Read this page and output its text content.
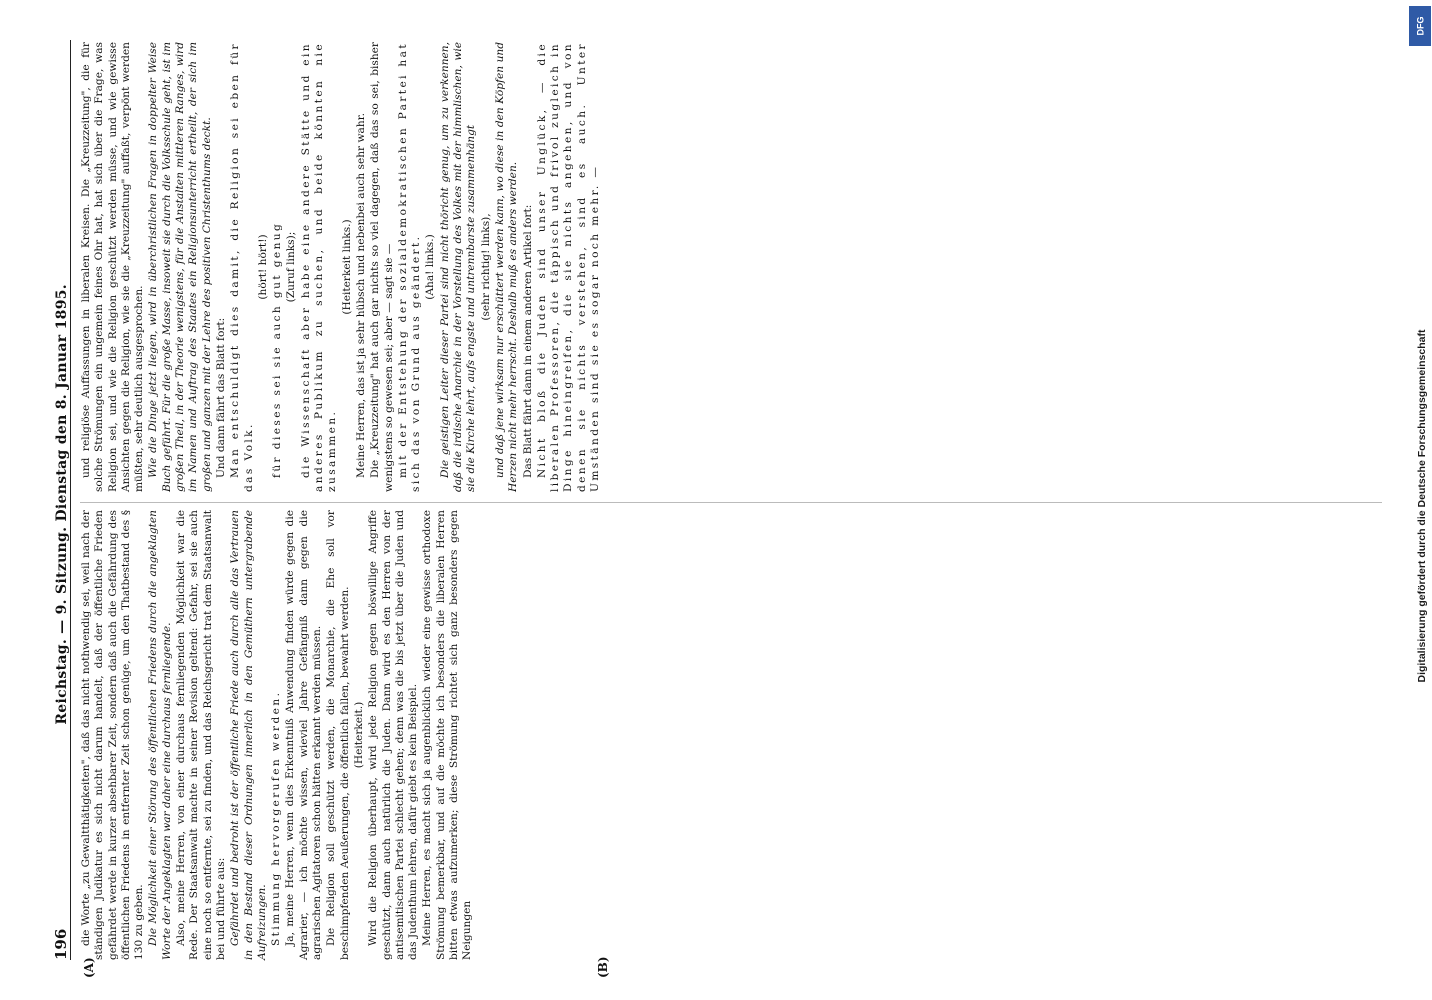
196
Reichstag. — 9. Sitzung. Dienstag den 8. Januar 1895.
(A)	(B)

die Worte „zu Gewaltthätigkeiten", daß das nicht nothwendig sei, weil nach der ständigen Judikatur es sich nicht darum handelt, daß der öffentliche Frieden gefährdet werde in kurzer absehbarer Zeit, sondern daß auch die Gefährdung des öffentlichen Friedens in entfernter Zeit schon genüge, um den Thatbestand des § 130 zu geben. Die Möglichkeit einer Störung des öffentlichen Friedens durch die angeklagten Worte der Angeklagten war daher eine durchaus fernliegende. Also, meine Herren, von einer durchaus fernliegenden Möglichkeit war die Rede. Der Staatsanwalt machte in seiner Revision geltend: Gefahr, sei sie auch eine noch so entfernte, sei zu finden, und das Reichsgericht trat dem Staatsanwalt bei und führte aus: Gefährdet und bedroht ist der öffentliche Friede auch durch alle das Vertrauen in den Bestand dieser Ordnungen innerlich in den Gemüthern untergrabende Aufreizungen. Stimmung hervorgerufen werden. Ja, meine Herren, wenn dies Erkenntniß Anwendung finden würde gegen die Agrarier, — ich möchte wissen, wieviel Jahre Gefängniß dann gegen die agrarischen Agitatoren schon hätten erkannt werden müssen. Die Religion soll geschützt werden, die Monarchie, die Ehe soll vor beschimpfenden Aeußerungen, die öffentlich fallen, bewahrt werden. (Heiterkeit.) Wird die Religion überhaupt, wird jede Religion gegen böswillige Angriffe geschützt, dann auch natürlich die Juden. Dann wird es den Herren von der antisemitischen Partei schlecht gehen; denn was die bis jetzt über die Juden und das Judenthum lehren, dafür giebt es kein Beispiel. Meine Herren, es macht sich ja augenblicklich wieder eine gewisse orthodoxe Strömung bemerkbar, und auf die möchte ich besonders die liberalen Herren bitten etwas aufzumerken; diese Strömung richtet sich ganz besonders gegen Neigungen

und religiöse Auffassungen in liberalen Kreisen. Die „Kreuzzeitung", die für solche Strömungen ein ungemein feines Ohr hat, hat sich über die Frage, was Religion sei, und wie die Religion geschützt werden müsse, und wie gewisse Ansichten gegen die Religion, wie sie die „Kreuzzeitung" auffaßt, verpönt werden müßten, sehr deutlich ausgesprochen. Wie die Dinge jetzt liegen, wird in überchristlichen Fragen in doppelter Weise Buch geführt. Für die große Masse, insoweit sie durch die Volksschule geht, ist im großen Theil, in der Theorie wenigstens, für die Anstalten mittleren Ranges, wird im Namen und Auftrag des Staates ein Religionsunterricht ertheilt, der sich im großen und ganzen mit der Lehre des positiven Christenthums deckt. Und dann fährt das Blatt fort: Man entschuldigt dies damit, die Religion sei eben für das Volk.

(hört! hört!) für dieses sei sie auch gut genug (Zuruf links); die Wissenschaft aber habe eine andere Stätte und ein anderes Publikum zu suchen, und beide könnten nie zusammen.

(Heiterkeit links.) Meine Herren, das ist ja sehr hübsch und nebenbei auch sehr wahr. Die „Kreuzzeitung" hat auch gar nichts so viel dagegen, daß das so sei, bisher wenigstens so gewesen sei; aber — sagt sie — mit der Entstehung der sozialdemokratischen Partei hat sich das von Grund aus geändert. (Aha! links.) Die geistigen Leiter dieser Partei sind nicht thöricht genug, um zu verkennen, daß die irdische Anarchie in der Vorstellung des Volkes mit der himmlischen, wie sie die Kirche lehrt, aufs engste und untrennbarste zusammenhängt (sehr richtig! links), und daß jene wirksam nur erschüttert werden kann, wo diese in den Köpfen und Herzen nicht mehr herrscht. Deshalb muß es anders werden. Das Blatt fährt dann in einem anderen Artikel fort: Nicht bloß die Juden sind unser Unglück, — die liberalen Professoren, die täppisch und frivol zugleich in Dinge hineingreifen, die sie nichts angehen, und von denen sie nichts verstehen, sind es auch. Unter Umständen sind sie es sogar noch mehr. —

DFG
Digitalisierung gefördert durch die Deutsche Forschungsgemeinschaft
